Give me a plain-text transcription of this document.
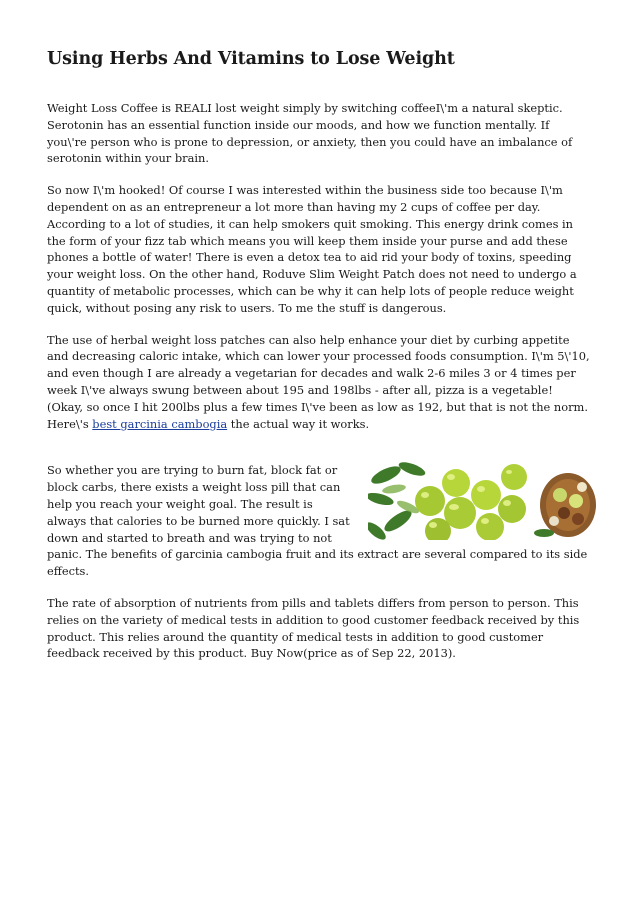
Using Herbs And Vitamins to Lose Weight

Weight Loss Coffee is REALI lost weight simply by switching coffeeI\'m a natural skeptic. Serotonin has an essential function inside our moods, and how we function mentally. If you\'re person who is prone to depression, or anxiety, then you could have an imbalance of serotonin within your brain.

So now I\'m hooked! Of course I was interested within the business side too because I\'m dependent on as an entrepreneur a lot more than having my 2 cups of coffee per day. According to a lot of studies, it can help smokers quit smoking. This energy drink comes in the form of your fizz tab which means you will keep them inside your purse and add these phones a bottle of water! There is even a detox tea to aid rid your body of toxins, speeding your weight loss. On the other hand, Roduve Slim Weight Patch does not need to undergo a quantity of metabolic processes, which can be why it can help lots of people reduce weight quick, without posing any risk to users. To me the stuff is dangerous.

The use of herbal weight loss patches can also help enhance your diet by curbing appetite and decreasing caloric intake, which can lower your processed foods consumption. I\'m 5\'10, and even though I are already a vegetarian for decades and walk 2-6 miles 3 or 4 times per week I\'ve always swung between about 195 and 198lbs - after all, pizza is a vegetable! (Okay, so once I hit 200lbs plus a few times I\'ve been as low as 192, but that is not the norm. Here\'s best garcinia cambogia the actual way it works.

So whether you are trying to burn fat, block fat or block carbs, there exists a weight loss pill that can help you reach your weight goal. The result is always that calories to be burned more quickly. I sat down and started to breath and was trying to not panic. The benefits of garcinia cambogia fruit and its extract are several compared to its side effects.

The rate of absorption of nutrients from pills and tablets differs from person to person. This relies on the variety of medical tests in addition to good customer feedback received by this product. This relies around the quantity of medical tests in addition to good customer feedback received by this product. Buy Now(price as of Sep 22, 2013).
